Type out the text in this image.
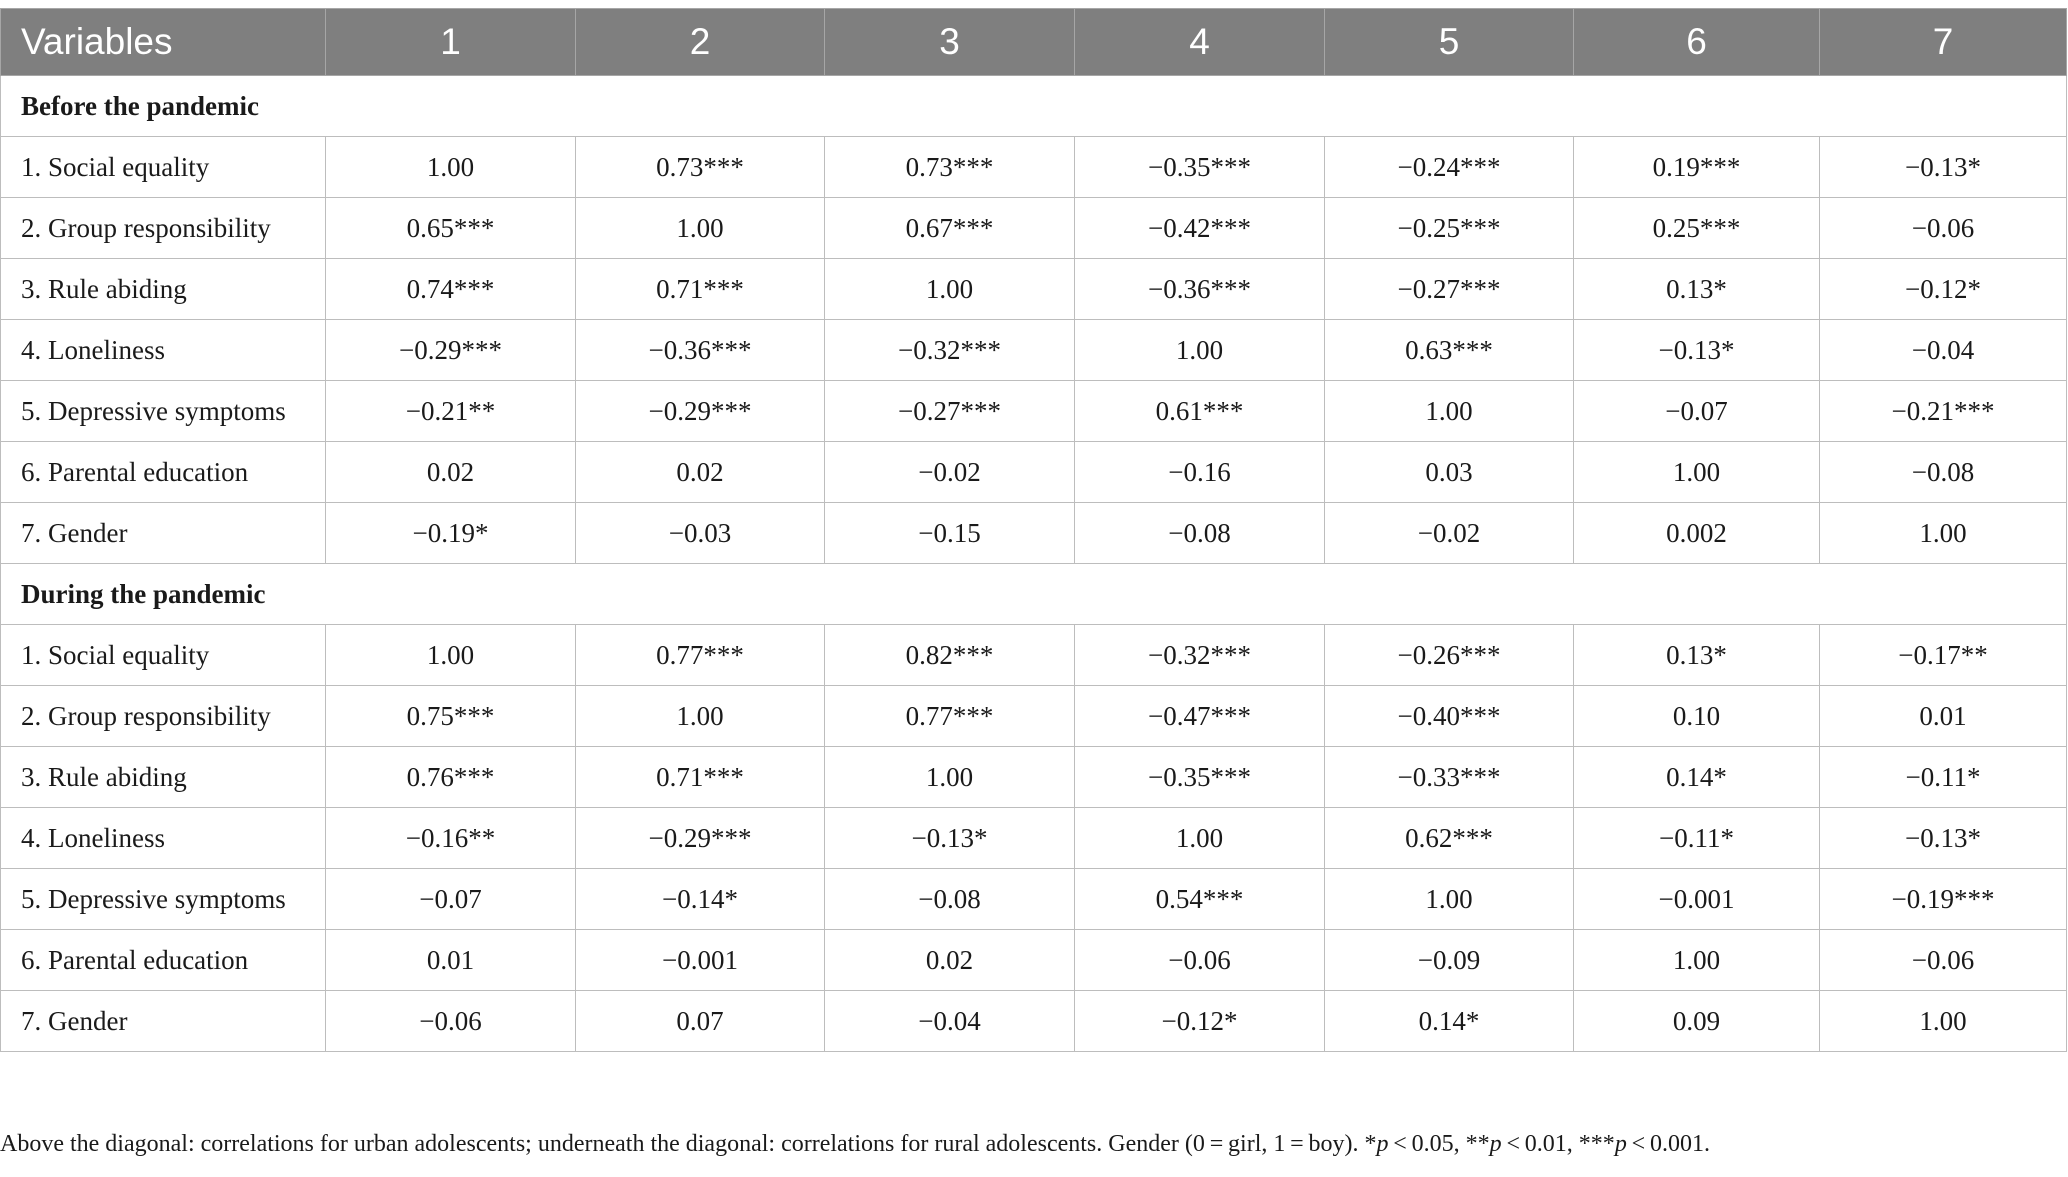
Variables	1	2	3	4	5	6	7
Before the pandemic							
1. Social equality	1.00	0.73***	0.73***	−0.35***	−0.24***	0.19***	−0.13*
2. Group responsibility	0.65***	1.00	0.67***	−0.42***	−0.25***	0.25***	−0.06
3. Rule abiding	0.74***	0.71***	1.00	−0.36***	−0.27***	0.13*	−0.12*
4. Loneliness	−0.29***	−0.36***	−0.32***	1.00	0.63***	−0.13*	−0.04
5. Depressive symptoms	−0.21**	−0.29***	−0.27***	0.61***	1.00	−0.07	−0.21***
6. Parental education	0.02	0.02	−0.02	−0.16	0.03	1.00	−0.08
7. Gender	−0.19*	−0.03	−0.15	−0.08	−0.02	0.002	1.00
During the pandemic							
1. Social equality	1.00	0.77***	0.82***	−0.32***	−0.26***	0.13*	−0.17**
2. Group responsibility	0.75***	1.00	0.77***	−0.47***	−0.40***	0.10	0.01
3. Rule abiding	0.76***	0.71***	1.00	−0.35***	−0.33***	0.14*	−0.11*
4. Loneliness	−0.16**	−0.29***	−0.13*	1.00	0.62***	−0.11*	−0.13*
5. Depressive symptoms	−0.07	−0.14*	−0.08	0.54***	1.00	−0.001	−0.19***
6. Parental education	0.01	−0.001	0.02	−0.06	−0.09	1.00	−0.06
7. Gender	−0.06	0.07	−0.04	−0.12*	0.14*	0.09	1.00
Above the diagonal: correlations for urban adolescents; underneath the diagonal: correlations for rural adolescents. Gender (0 = girl, 1 = boy). *p < 0.05, **p < 0.01, ***p < 0.001.
